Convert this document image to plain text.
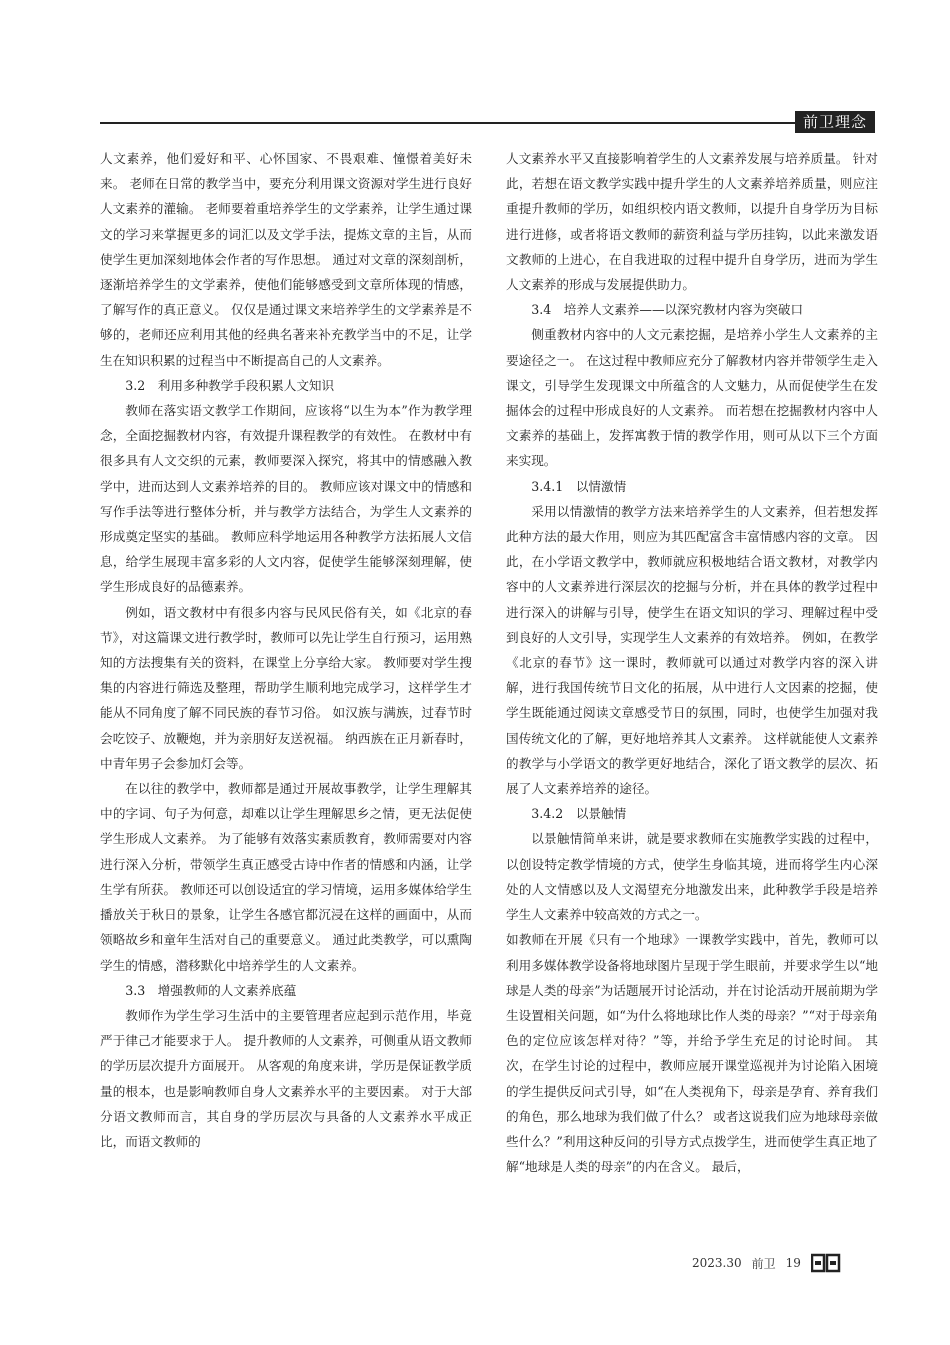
前卫理念

人文素养，他们爱好和平、心怀国家、不畏艰难、憧憬着美好未来。 老师在日常的教学当中，要充分利用课文资源对学生进行良好人文素养的灌输。 老师要着重培养学生的文学素养，让学生通过课文的学习来掌握更多的词汇以及文学手法，提炼文章的主旨，从而使学生更加深刻地体会作者的写作思想。 通过对文章的深刻剖析，逐渐培养学生的文学素养，使他们能够感受到文章所体现的情感，了解写作的真正意义。 仅仅是通过课文来培养学生的文学素养是不够的，老师还应利用其他的经典名著来补充教学当中的不足，让学生在知识积累的过程当中不断提高自己的人文素养。

3.2　利用多种教学手段积累人文知识

教师在落实语文教学工作期间，应该将“以生为本”作为教学理念，全面挖掘教材内容，有效提升课程教学的有效性。 在教材中有很多具有人文交织的元素，教师要深入探究，将其中的情感融入教学中，进而达到人文素养培养的目的。 教师应该对课文中的情感和写作手法等进行整体分析，并与教学方法结合，为学生人文素养的形成奠定坚实的基础。 教师应科学地运用各种教学方法拓展人文信息，给学生展现丰富多彩的人文内容，促使学生能够深刻理解，使学生形成良好的品德素养。

例如，语文教材中有很多内容与民风民俗有关，如《北京的春节》，对这篇课文进行教学时，教师可以先让学生自行预习，运用熟知的方法搜集有关的资料，在课堂上分享给大家。 教师要对学生搜集的内容进行筛选及整理，帮助学生顺利地完成学习，这样学生才能从不同角度了解不同民族的春节习俗。 如汉族与满族，过春节时会吃饺子、放鞭炮，并为亲朋好友送祝福。 纳西族在正月新春时，中青年男子会参加灯会等。

在以往的教学中，教师都是通过开展故事教学，让学生理解其中的字词、句子为何意，却难以让学生理解思乡之情，更无法促使学生形成人文素养。 为了能够有效落实素质教育，教师需要对内容进行深入分析，带领学生真正感受古诗中作者的情感和内涵，让学生学有所获。 教师还可以创设适宜的学习情境，运用多媒体给学生播放关于秋日的景象，让学生各感官都沉浸在这样的画面中，从而领略故乡和童年生活对自己的重要意义。 通过此类教学，可以熏陶学生的情感，潜移默化中培养学生的人文素养。

3.3　增强教师的人文素养底蕴

教师作为学生学习生活中的主要管理者应起到示范作用，毕竟严于律己才能要求于人。 提升教师的人文素养，可侧重从语文教师的学历层次提升方面展开。 从客观的角度来讲，学历是保证教学质量的根本，也是影响教师自身人文素养水平的主要因素。 对于大部分语文教师而言，其自身的学历层次与具备的人文素养水平成正比，而语文教师的

人文素养水平又直接影响着学生的人文素养发展与培养质量。 针对此，若想在语文教学实践中提升学生的人文素养培养质量，则应注重提升教师的学历，如组织校内语文教师，以提升自身学历为目标进行进修，或者将语文教师的薪资利益与学历挂钩，以此来激发语文教师的上进心，在自我进取的过程中提升自身学历，进而为学生人文素养的形成与发展提供助力。

3.4　培养人文素养——以深究教材内容为突破口

侧重教材内容中的人文元素挖掘，是培养小学生人文素养的主要途径之一。 在这过程中教师应充分了解教材内容并带领学生走入课文，引导学生发现课文中所蕴含的人文魅力，从而促使学生在发掘体会的过程中形成良好的人文素养。 而若想在挖掘教材内容中人文素养的基础上，发挥寓教于情的教学作用，则可从以下三个方面来实现。

3.4.1　以情激情

采用以情激情的教学方法来培养学生的人文素养，但若想发挥此种方法的最大作用，则应为其匹配富含丰富情感内容的文章。 因此，在小学语文教学中，教师就应积极地结合语文教材，对教学内容中的人文素养进行深层次的挖掘与分析，并在具体的教学过程中进行深入的讲解与引导，使学生在语文知识的学习、理解过程中受到良好的人文引导，实现学生人文素养的有效培养。 例如，在教学《北京的春节》这一课时，教师就可以通过对教学内容的深入讲解，进行我国传统节日文化的拓展，从中进行人文因素的挖掘，使学生既能通过阅读文章感受节日的氛围，同时，也使学生加强对我国传统文化的了解，更好地培养其人文素养。 这样就能使人文素养的教学与小学语文的教学更好地结合，深化了语文教学的层次、拓展了人文素养培养的途径。

3.4.2　以景触情

以景触情简单来讲，就是要求教师在实施教学实践的过程中，以创设特定教学情境的方式，使学生身临其境，进而将学生内心深处的人文情感以及人文渴望充分地激发出来，此种教学手段是培养学生人文素养中较高效的方式之一。

如教师在开展《只有一个地球》一课教学实践中，首先，教师可以利用多媒体教学设备将地球图片呈现于学生眼前，并要求学生以“地球是人类的母亲”为话题展开讨论活动，并在讨论活动开展前期为学生设置相关问题，如“为什么将地球比作人类的母亲？”“对于母亲角色的定位应该怎样对待？”等，并给予学生充足的讨论时间。 其次，在学生讨论的过程中，教师应展开课堂巡视并为讨论陷入困境的学生提供反问式引导，如“在人类视角下，母亲是孕育、养育我们的角色，那么地球为我们做了什么？ 或者这说我们应为地球母亲做些什么？”利用这种反问的引导方式点拨学生，进而使学生真正地了解“地球是人类的母亲”的内在含义。 最后，

2023.30 前卫 19
